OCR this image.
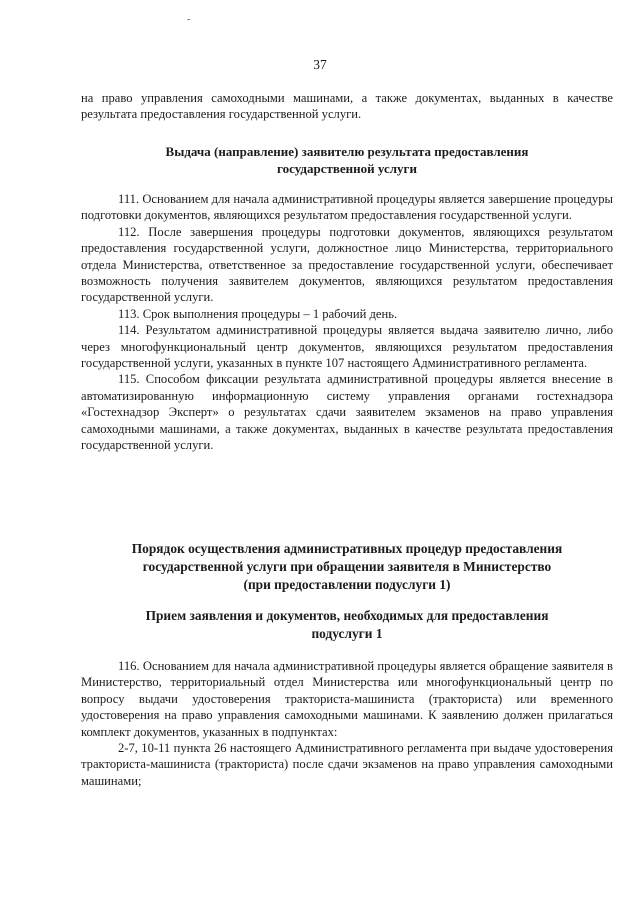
-
37

на право управления самоходными машинами, а также документах, выданных в качестве результата предоставления государственной услуги.

Выдача (направление) заявителю результата предоставления

государственной услуги

111. Основанием для начала административной процедуры является завершение процедуры подготовки документов, являющихся результатом предоставления государственной услуги.

112. После завершения процедуры подготовки документов, являющихся результатом предоставления государственной услуги, должностное лицо Министерства, территориального отдела Министерства, ответственное за предоставление государственной услуги, обеспечивает возможность получения заявителем документов, являющихся результатом предоставления государственной услуги.

113. Срок выполнения процедуры – 1 рабочий день.

114. Результатом административной процедуры является выдача заявителю лично, либо через многофункциональный центр документов, являющихся результатом предоставления государственной услуги, указанных в пункте 107 настоящего Административного регламента.

115. Способом фиксации результата административной процедуры является внесение в автоматизированную информационную систему управления органами гостехнадзора «Гостехнадзор Эксперт» о результатах сдачи заявителем экзаменов на право управления самоходными машинами, а также документах, выданных в качестве результата предоставления государственной услуги.

Порядок осуществления административных процедур предоставления

государственной услуги при обращении заявителя в Министерство

(при предоставлении подуслуги 1)

Прием заявления и документов, необходимых для предоставления

подуслуги 1

116. Основанием для начала административной процедуры является обращение заявителя в Министерство, территориальный отдел Министерства или многофункциональный центр по вопросу выдачи удостоверения тракториста-машиниста (тракториста) или временного удостоверения на право управления самоходными машинами. К заявлению должен прилагаться комплект документов, указанных в подпунктах:

2-7, 10-11 пункта 26 настоящего Административного регламента при выдаче удостоверения тракториста-машиниста (тракториста) после сдачи экзаменов на право управления самоходными машинами;
